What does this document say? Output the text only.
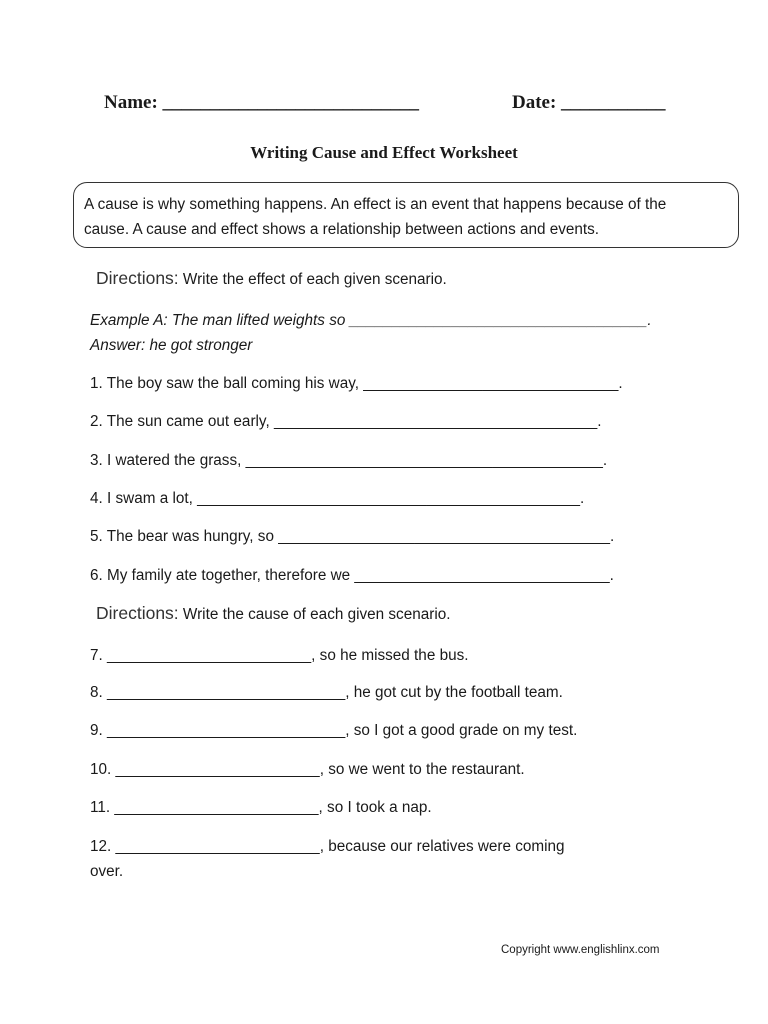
Name: ___________________________	Date: ___________
Writing Cause and Effect Worksheet
A cause is why something happens. An effect is an event that happens because of the
cause. A cause and effect shows a relationship between actions and events.
Directions: Write the effect of each given scenario.
Example A: The man lifted weights so ___________________________________.
Answer: he got stronger
1. The boy saw the ball coming his way, ______________________________.
2. The sun came out early, ______________________________________.
3. I watered the grass, __________________________________________.
4. I swam a lot, _____________________________________________.
5. The bear was hungry, so _______________________________________.
6. My family ate together, therefore we ______________________________.
Directions: Write the cause of each given scenario.
7. ________________________, so he missed the bus.
8. ____________________________, he got cut by the football team.
9. ____________________________, so I got a good grade on my test.
10. ________________________, so we went to the restaurant.
11. ________________________, so I took a nap.
12. ________________________, because our relatives were coming
over.
Copyright www.englishlinx.com
